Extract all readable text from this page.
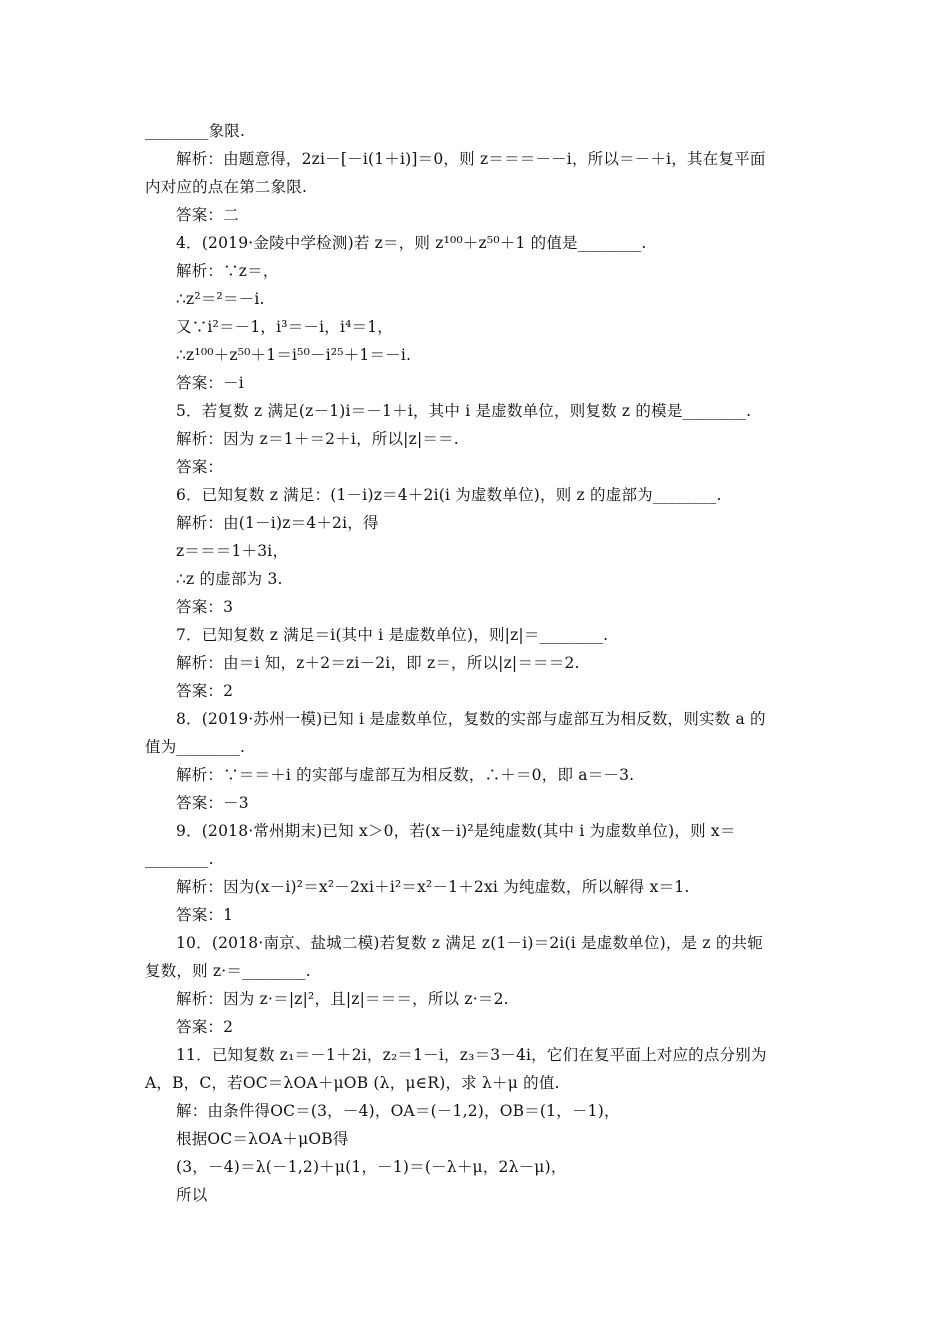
________象限.
解析：由题意得，2zi－[－i(1＋i)]＝0，则 z＝＝＝－－i，所以＝－＋i，其在复平面
内对应的点在第二象限.
答案：二
4．(2019·金陵中学检测)若 z＝，则 z¹⁰⁰＋z⁵⁰＋1 的值是________.
解析：∵z＝，
∴z²＝²＝－i.
又∵i²＝－1，i³＝－i，i⁴＝1，
∴z¹⁰⁰＋z⁵⁰＋1＝i⁵⁰－i²⁵＋1＝－i.
答案：－i
5．若复数 z 满足(z－1)i＝－1＋i，其中 i 是虚数单位，则复数 z 的模是________.
解析：因为 z＝1＋＝2＋i，所以|z|＝＝.
答案：
6．已知复数 z 满足：(1－i)z＝4＋2i(i 为虚数单位)，则 z 的虚部为________.
解析：由(1－i)z＝4＋2i，得
z＝＝＝1＋3i，
∴z 的虚部为 3.
答案：3
7．已知复数 z 满足＝i(其中 i 是虚数单位)，则|z|＝________.
解析：由＝i 知，z＋2＝zi－2i，即 z＝，所以|z|＝＝＝2.
答案：2
8．(2019·苏州一模)已知 i 是虚数单位，复数的实部与虚部互为相反数，则实数 a 的
值为________.
解析：∵＝＝＋i 的实部与虚部互为相反数，∴＋＝0，即 a＝－3.
答案：－3
9．(2018·常州期末)已知 x＞0，若(x－i)²是纯虚数(其中 i 为虚数单位)，则 x＝
________.
解析：因为(x－i)²＝x²－2xi＋i²＝x²－1＋2xi 为纯虚数，所以解得 x＝1.
答案：1
10．(2018·南京、盐城二模)若复数 z 满足 z(1－i)＝2i(i 是虚数单位)，是 z 的共轭
复数，则 z·＝________.
解析：因为 z·＝|z|²，且|z|＝＝＝，所以 z·＝2.
答案：2
11．已知复数 z₁＝－1＋2i，z₂＝1－i，z₃＝3－4i，它们在复平面上对应的点分别为
A，B，C，若OC＝λOA＋μOB (λ，μ∈R)，求 λ＋μ 的值.
解：由条件得OC＝(3，－4)，OA＝(－1,2)，OB＝(1，－1)，
根据OC＝λOA＋μOB得
(3，－4)＝λ(－1,2)＋μ(1，－1)＝(－λ＋μ，2λ－μ)，
所以
